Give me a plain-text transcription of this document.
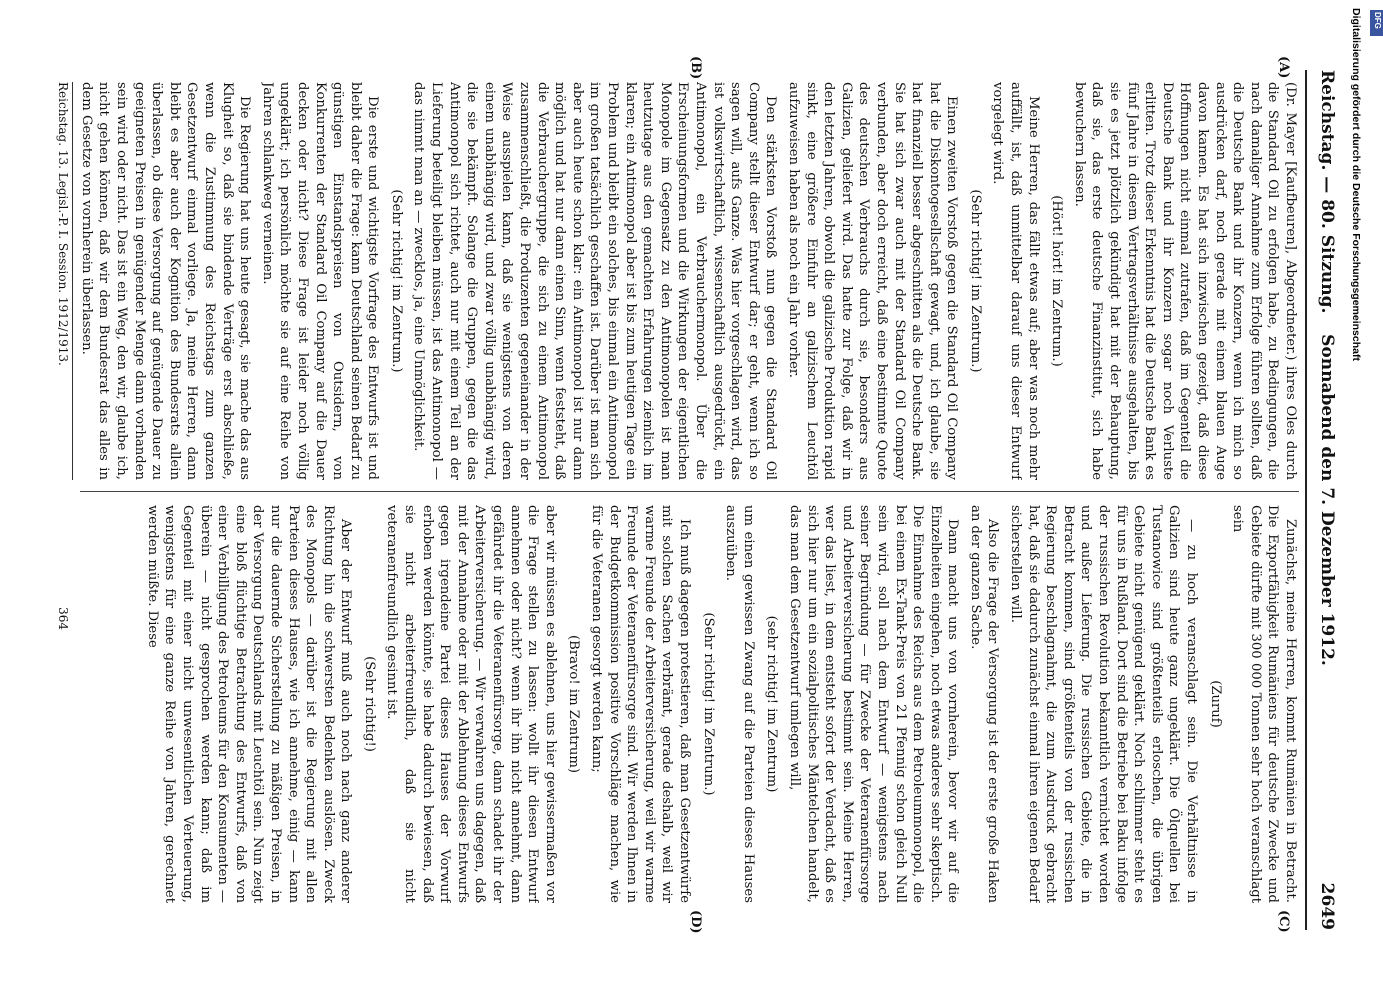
Reichstag. — 80. Sitzung.
Sonnabend den 7. Dezember 1912.
2649
(A)
(B)
(C)
(D)

(Dr. Mayer [Kaufbeuren], Abgeordneter.) ihres Oles durch die Standard Oil zu erfolgen habe, zu Bedingungen, die nach damaliger Annahme zum Erfolge führen sollten, daß die Deutsche Bank und ihr Konzern, wenn ich mich so ausdrücken darf, noch gerade mit einem blauen Auge davon kamen. Es hat sich inzwischen gezeigt, daß diese Hoffnungen nicht einmal zutrafen, daß im Gegenteil die Deutsche Bank und ihr Konzern sogar noch Verluste erlitten. Trotz dieser Erkenntnis hat die Deutsche Bank es fünf Jahre in diesem Vertragsverhältnisse ausgehalten, bis sie es jetzt plötzlich gekündigt hat mit der Behauptung, daß sie, das erste deutsche Finanzinstitut, sich habe bewuchern lassen.

(Hört! hört! im Zentrum.)

Meine Herren, das fällt etwas auf; aber was noch mehr auffällt, ist, daß unmittelbar darauf uns dieser Entwurf vorgelegt wird.

(Sehr richtig! im Zentrum.)

Einen zweiten Vorstoß gegen die Standard Oil Company hat die Diskontogesellschaft gewagt, und, ich glaube, sie hat finanziell besser abgeschnitten als die Deutsche Bank. Sie hat sich zwar auch mit der Standard Oil Company verbunden, aber doch erreicht, daß eine bestimmte Quote des deutschen Verbrauchs durch sie, besonders aus Galizien, geliefert wird. Das hatte zur Folge, daß wir in den letzten Jahren, obwohl die galizische Produktion rapid sinkt, eine größere Einfuhr an galizischem Leuchtöl aufzuweisen haben als noch ein Jahr vorher.

Den stärksten Vorstoß nun gegen die Standard Oil Company stellt dieser Entwurf dar; er geht, wenn ich so sagen will, aufs Ganze. Was hier vorgeschlagen wird, das ist volkswirtschaftlich, wissenschaftlich ausgedrückt, ein Antimonopol, ein Verbrauchermonopol. Über die Erscheinungsformen und die Wirkungen der eigentlichen Monopole im Gegensatz zu den Antimonopolen ist man heutzutage aus den gemachten Erfahrungen ziemlich im klaren; ein Antimonopol aber ist bis zum heutigen Tage ein Problem und bleibt ein solches, bis einmal ein Antimonopol im großen tatsächlich geschaffen ist. Darüber ist man sich aber auch heute schon klar: ein Antimonopol ist nur dann möglich und hat nur dann einen Sinn, wenn feststeht, daß die Verbrauchergruppe, die sich zu einem Antimonopol zusammenschließt, die Produzenten gegeneinander in der Weise ausspielen kann, daß sie wenigstens von deren einem unabhängig wird, und zwar völlig unabhängig wird, die sie bekämpft. Solange die Gruppen, gegen die das Antimonopol sich richtet, auch nur mit einem Teil an der Lieferung beteiligt bleiben müssen, ist das Antimonopol — das nimmt man an — zwecklos, ja, eine Unmöglichkeit.

(Sehr richtig! im Zentrum.)

Die erste und wichtigste Vorfrage des Entwurfs ist und bleibt daher die Frage: kann Deutschland seinen Bedarf zu günstigen Einstandspreisen von Outsidern, von Konkurrenten der Standard Oil Company auf die Dauer decken oder nicht? Diese Frage ist leider noch völlig ungeklärt; ich persönlich möchte sie auf eine Reihe von Jahren schlankweg verneinen.

Die Regierung hat uns heute gesagt, sie mache das aus Klugheit so, daß sie bindende Verträge erst abschließe, wenn die Zustimmung des Reichstags zum ganzen Gesetzentwurf einmal vorliege. Ja, meine Herren, dann bleibt es aber auch der Kognition des Bundesrats allein überlassen, ob diese Versorgung auf genügende Dauer zu geeigneten Preisen in genügender Menge dann vorhanden sein wird oder nicht. Das ist ein Weg, den wir, glaube ich, nicht gehen können, daß wir dem Bundesrat das alles in dem Gesetze von vornherein überlassen.

Zunächst, meine Herren, kommt Rumänien in Betracht. Die Exportfähigkeit Rumäniens für deutsche Zwecke und Gebiete dürfte mit 300 000 Tonnen sehr hoch veranschlagt sein

(Zuruf)

— zu hoch veranschlagt sein. Die Verhältnisse in Galizien sind heute ganz ungeklärt. Die Ölquellen bei Tustanowice sind größtenteils erloschen, die übrigen Gebiete nicht genügend geklärt. Noch schlimmer steht es für uns in Rußland. Dort sind die Betriebe bei Baku infolge der russischen Revolution bekanntlich vernichtet worden und außer Lieferung. Die russischen Gebiete, die in Betracht kommen, sind größtenteils von der russischen Regierung beschlagnahmt, die zum Ausdruck gebracht hat, daß sie dadurch zunächst einmal ihren eigenen Bedarf sicherstellen will.

Also die Frage der Versorgung ist der erste große Haken an der ganzen Sache.

Dann macht uns von vornherein, bevor wir auf die Einzelheiten eingehen, noch etwas anderes sehr skeptisch. Die Einnahme des Reichs aus dem Petroleummonopol, die bei einem Ex-Tank-Preis von 21 Pfennig schon gleich Null sein wird, soll nach dem Entwurf — wenigstens nach seiner Begründung — für Zwecke der Veteranenfürsorge und Arbeiterversicherung bestimmt sein. Meine Herren, wer das liest, in dem entsteht sofort der Verdacht, daß es sich hier nur um ein sozialpolitisches Mäntelchen handelt, das man dem Gesetzentwurf umlegen will,

(sehr richtig! im Zentrum)

um einen gewissen Zwang auf die Parteien dieses Hauses auszuüben.

(Sehr richtig! im Zentrum.)

Ich muß dagegen protestieren, daß man Gesetzentwürfe mit solchen Sachen verbrämt, gerade deshalb, weil wir warme Freunde der Arbeiterversicherung, weil wir warme Freunde der Veteranenfürsorge sind. Wir werden Ihnen in der Budgetkommission positive Vorschläge machen, wie für die Veteranen gesorgt werden kann;

(Bravo! im Zentrum)

aber wir müssen es ablehnen, uns hier gewissermaßen vor die Frage stellen zu lassen: wollt ihr diesen Entwurf annehmen oder nicht? wenn ihr ihn nicht annehmt, dann gefährdet ihr die Veteranenfürsorge, dann schadet ihr der Arbeiterversicherung. — Wir verwahren uns dagegen, daß mit der Annahme oder mit der Ablehnung dieses Entwurfs gegen irgendeine Partei dieses Hauses der Vorwurf erhoben werden könnte, sie habe dadurch bewiesen, daß sie nicht arbeiterfreundlich, daß sie nicht veteranenfreundlich gesinnt ist.

(Sehr richtig!)

Aber der Entwurf muß auch noch nach ganz anderer Richtung hin die schwersten Bedenken auslösen. Zweck des Monopols — darüber ist die Regierung mit allen Parteien dieses Hauses, wie ich annehme, einig — kann nur die dauernde Sicherstellung zu mäßigen Preisen, in der Versorgung Deutschlands mit Leuchtöl sein. Nun zeigt eine bloß flüchtige Betrachtung des Entwurfs, daß von einer Verbilligung des Petroleums für den Konsumenten — überein — nicht gesprochen werden kann; daß im Gegenteil mit einer nicht unwesentlichen Verteuerung, wenigstens für eine ganze Reihe von Jahren, gerechnet werden müßte. Diese

Reichstag. 13. Legisl.-P. I. Session. 1912/1913.
364
Digitalisierung gefördert durch die Deutsche Forschungsgemeinschaft DFG
